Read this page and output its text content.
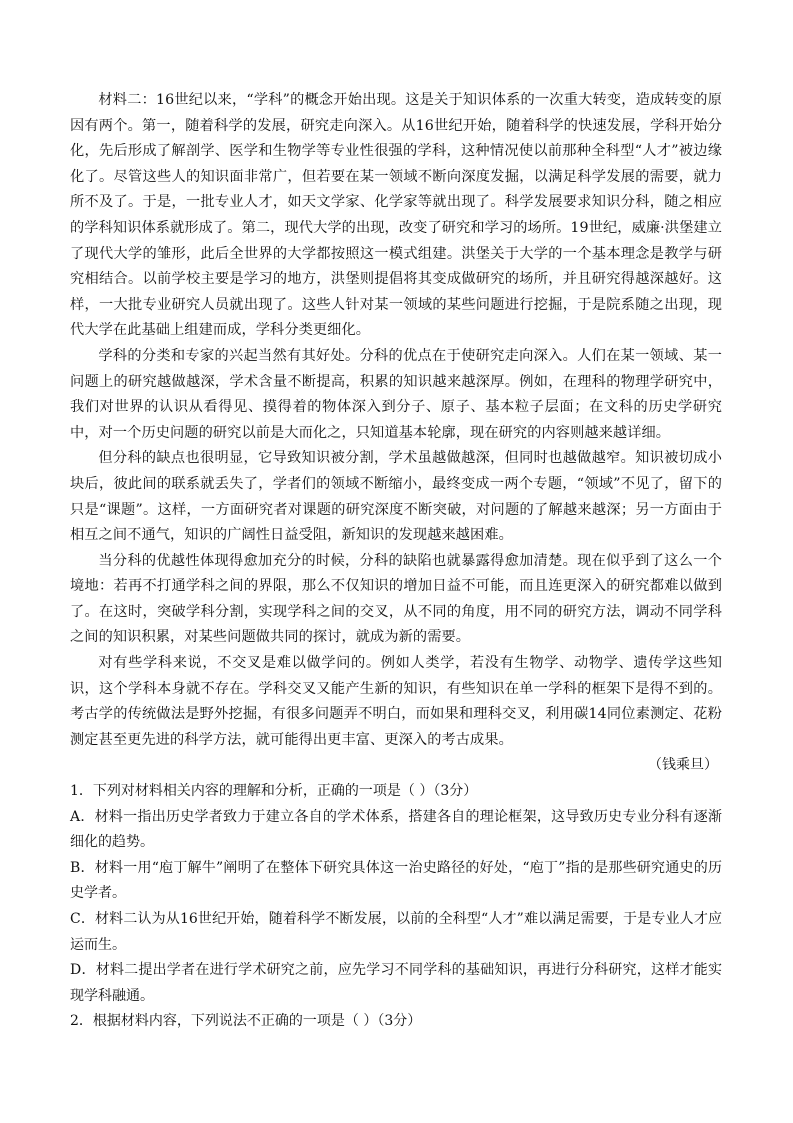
材料二：16世纪以来，“学科”的概念开始出现。这是关于知识体系的一次重大转变，造成转变的原因有两个。第一，随着科学的发展，研究走向深入。从16世纪开始，随着科学的快速发展，学科开始分化，先后形成了解剖学、医学和生物学等专业性很强的学科，这种情况使以前那种全科型“人才”被边缘化了。尽管这些人的知识面非常广，但若要在某一领域不断向深度发掘，以满足科学发展的需要，就力所不及了。于是，一批专业人才，如天文学家、化学家等就出现了。科学发展要求知识分科，随之相应的学科知识体系就形成了。第二，现代大学的出现，改变了研究和学习的场所。19世纪，威廉·洪堡建立了现代大学的雏形，此后全世界的大学都按照这一模式组建。洪堡关于大学的一个基本理念是教学与研究相结合。以前学校主要是学习的地方，洪堡则提倡将其变成做研究的场所，并且研究得越深越好。这样，一大批专业研究人员就出现了。这些人针对某一领域的某些问题进行挖掘，于是院系随之出现，现代大学在此基础上组建而成，学科分类更细化。

学科的分类和专家的兴起当然有其好处。分科的优点在于使研究走向深入。人们在某一领域、某一问题上的研究越做越深，学术含量不断提高，积累的知识越来越深厚。例如，在理科的物理学研究中，我们对世界的认识从看得见、摸得着的物体深入到分子、原子、基本粒子层面；在文科的历史学研究中，对一个历史问题的研究以前是大而化之，只知道基本轮廓，现在研究的内容则越来越详细。

但分科的缺点也很明显，它导致知识被分割，学术虽越做越深，但同时也越做越窄。知识被切成小块后，彼此间的联系就丢失了，学者们的领域不断缩小，最终变成一两个专题，“领域”不见了，留下的只是“课题”。这样，一方面研究者对课题的研究深度不断突破，对问题的了解越来越深；另一方面由于相互之间不通气，知识的广阔性日益受阻，新知识的发现越来越困难。

当分科的优越性体现得愈加充分的时候，分科的缺陷也就暴露得愈加清楚。现在似乎到了这么一个境地：若再不打通学科之间的界限，那么不仅知识的增加日益不可能，而且连更深入的研究都难以做到了。在这时，突破学科分割，实现学科之间的交叉，从不同的角度，用不同的研究方法，调动不同学科之间的知识积累，对某些问题做共同的探讨，就成为新的需要。

对有些学科来说，不交叉是难以做学问的。例如人类学，若没有生物学、动物学、遗传学这些知识，这个学科本身就不存在。学科交叉又能产生新的知识，有些知识在单一学科的框架下是得不到的。考古学的传统做法是野外挖掘，有很多问题弄不明白，而如果和理科交叉，利用碳14同位素测定、花粉测定甚至更先进的科学方法，就可能得出更丰富、更深入的考古成果。

（钱乘旦）

1．下列对材料相关内容的理解和分析，正确的一项是（ ）（3分）

A．材料一指出历史学者致力于建立各自的学术体系，搭建各自的理论框架，这导致历史专业分科有逐渐细化的趋势。

B．材料一用“庖丁解牛”阐明了在整体下研究具体这一治史路径的好处，“庖丁”指的是那些研究通史的历史学者。

C．材料二认为从16世纪开始，随着科学不断发展，以前的全科型“人才”难以满足需要，于是专业人才应运而生。

D．材料二提出学者在进行学术研究之前，应先学习不同学科的基础知识，再进行分科研究，这样才能实现学科融通。

2．根据材料内容，下列说法不正确的一项是（ ）（3分）
